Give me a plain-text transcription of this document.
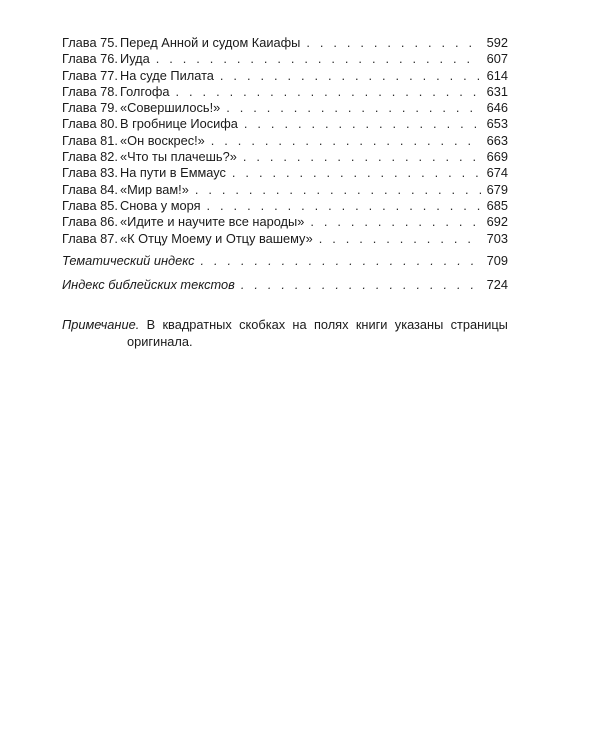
Глава 75. Перед Анной и судом Каиафы . . .	592
Глава 76. Иуда . . .	607
Глава 77. На суде Пилата . . .	614
Глава 78. Голгофа . . .	631
Глава 79. «Совершилось!» . . .	646
Глава 80. В гробнице Иосифа . . .	653
Глава 81. «Он воскрес!» . . .	663
Глава 82. «Что ты плачешь?» . . .	669
Глава 83. На пути в Еммаус . . .	674
Глава 84. «Мир вам!» . . .	679
Глава 85. Снова у моря . . .	685
Глава 86. «Идите и научите все народы» . . .	692
Глава 87. «К Отцу Моему и Отцу вашему» . . .	703
Тематический индекс . . .	709
Индекс библейских текстов . . .	724
Примечание. В квадратных скобках на полях книги указаны страницы
оригинала.
